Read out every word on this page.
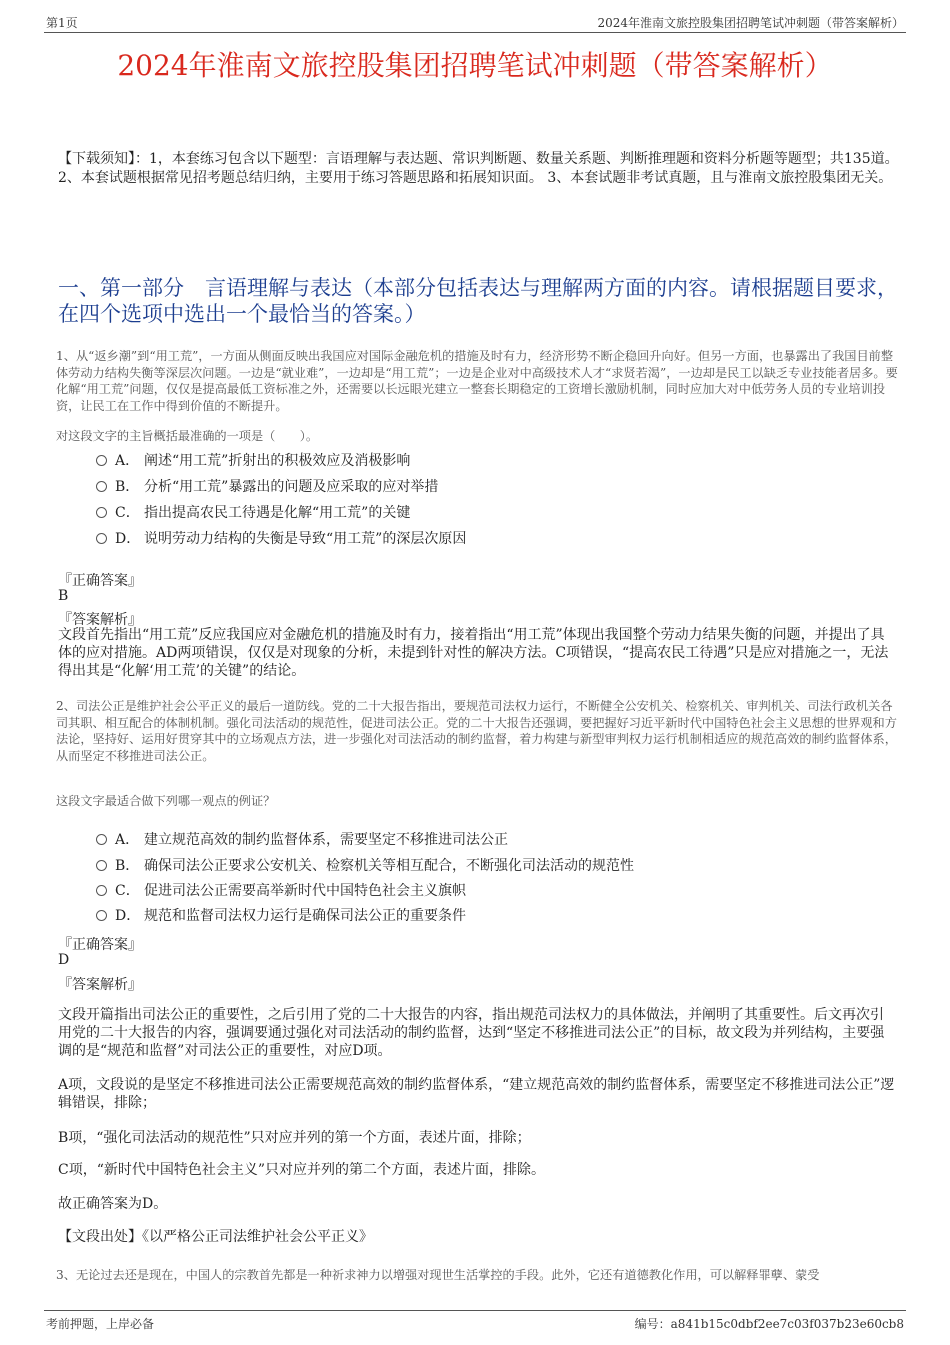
第1页	2024年淮南文旅控股集团招聘笔试冲刺题（带答案解析）
2024年淮南文旅控股集团招聘笔试冲刺题（带答案解析）
【下载须知】：1，本套练习包含以下题型：言语理解与表达题、常识判断题、数量关系题、判断推理题和资料分析题等题型；共135道。 2、本套试题根据常见招考题总结归纳，主要用于练习答题思路和拓展知识面。 3、本套试题非考试真题，且与淮南文旅控股集团无关。
一、第一部分　言语理解与表达（本部分包括表达与理解两方面的内容。请根据题目要求，在四个选项中选出一个最恰当的答案。）
1、从“返乡潮”到“用工荒”，一方面从侧面反映出我国应对国际金融危机的措施及时有力，经济形势不断企稳回升向好。但另一方面，也暴露出了我国目前整体劳动力结构失衡等深层次问题。一边是“就业难”，一边却是“用工荒”；一边是企业对中高级技术人才“求贤若渴”，一边却是民工以缺乏专业技能者居多。要化解“用工荒”问题，仅仅是提高最低工资标准之外，还需要以长远眼光建立一整套长期稳定的工资增长激励机制，同时应加大对中低劳务人员的专业培训投资，让民工在工作中得到价值的不断提升。
对这段文字的主旨概括最准确的一项是（　　）。
A． 阐述“用工荒”折射出的积极效应及消极影响
B． 分析“用工荒”暴露出的问题及应采取的应对举措
C． 指出提高农民工待遇是化解“用工荒”的关键
D． 说明劳动力结构的失衡是导致“用工荒”的深层次原因
『正确答案』
B
『答案解析』
文段首先指出“用工荒”反应我国应对金融危机的措施及时有力，接着指出“用工荒”体现出我国整个劳动力结果失衡的问题，并提出了具体的应对措施。AD两项错误，仅仅是对现象的分析，未提到针对性的解决方法。C项错误，“提高农民工待遇”只是应对措施之一，无法得出其是“化解‘用工荒’的关键”的结论。
2、司法公正是维护社会公平正义的最后一道防线。党的二十大报告指出，要规范司法权力运行，不断健全公安机关、检察机关、审判机关、司法行政机关各司其职、相互配合的体制机制。强化司法活动的规范性，促进司法公正。党的二十大报告还强调，要把握好习近平新时代中国特色社会主义思想的世界观和方法论，坚持好、运用好贯穿其中的立场观点方法，进一步强化对司法活动的制约监督，着力构建与新型审判权力运行机制相适应的规范高效的制约监督体系，从而坚定不移推进司法公正。
这段文字最适合做下列哪一观点的例证？
A． 建立规范高效的制约监督体系，需要坚定不移推进司法公正
B． 确保司法公正要求公安机关、检察机关等相互配合，不断强化司法活动的规范性
C． 促进司法公正需要高举新时代中国特色社会主义旗帜
D． 规范和监督司法权力运行是确保司法公正的重要条件
『正确答案』
D
『答案解析』
文段开篇指出司法公正的重要性，之后引用了党的二十大报告的内容，指出规范司法权力的具体做法，并阐明了其重要性。后文再次引用党的二十大报告的内容，强调要通过强化对司法活动的制约监督，达到“坚定不移推进司法公正”的目标，故文段为并列结构，主要强调的是“规范和监督”对司法公正的重要性，对应D项。
A项，文段说的是坚定不移推进司法公正需要规范高效的制约监督体系，“建立规范高效的制约监督体系，需要坚定不移推进司法公正”逻辑错误，排除；
B项，“强化司法活动的规范性”只对应并列的第一个方面，表述片面，排除；
C项，“新时代中国特色社会主义”只对应并列的第二个方面，表述片面，排除。
故正确答案为D。
【文段出处】《以严格公正司法维护社会公平正义》
3、无论过去还是现在，中国人的宗教首先都是一种祈求神力以增强对现世生活掌控的手段。此外，它还有道德教化作用，可以解释罪孽、蒙受
考前押题，上岸必备	编号：a841b15c0dbf2ee7c03f037b23e60cb8
